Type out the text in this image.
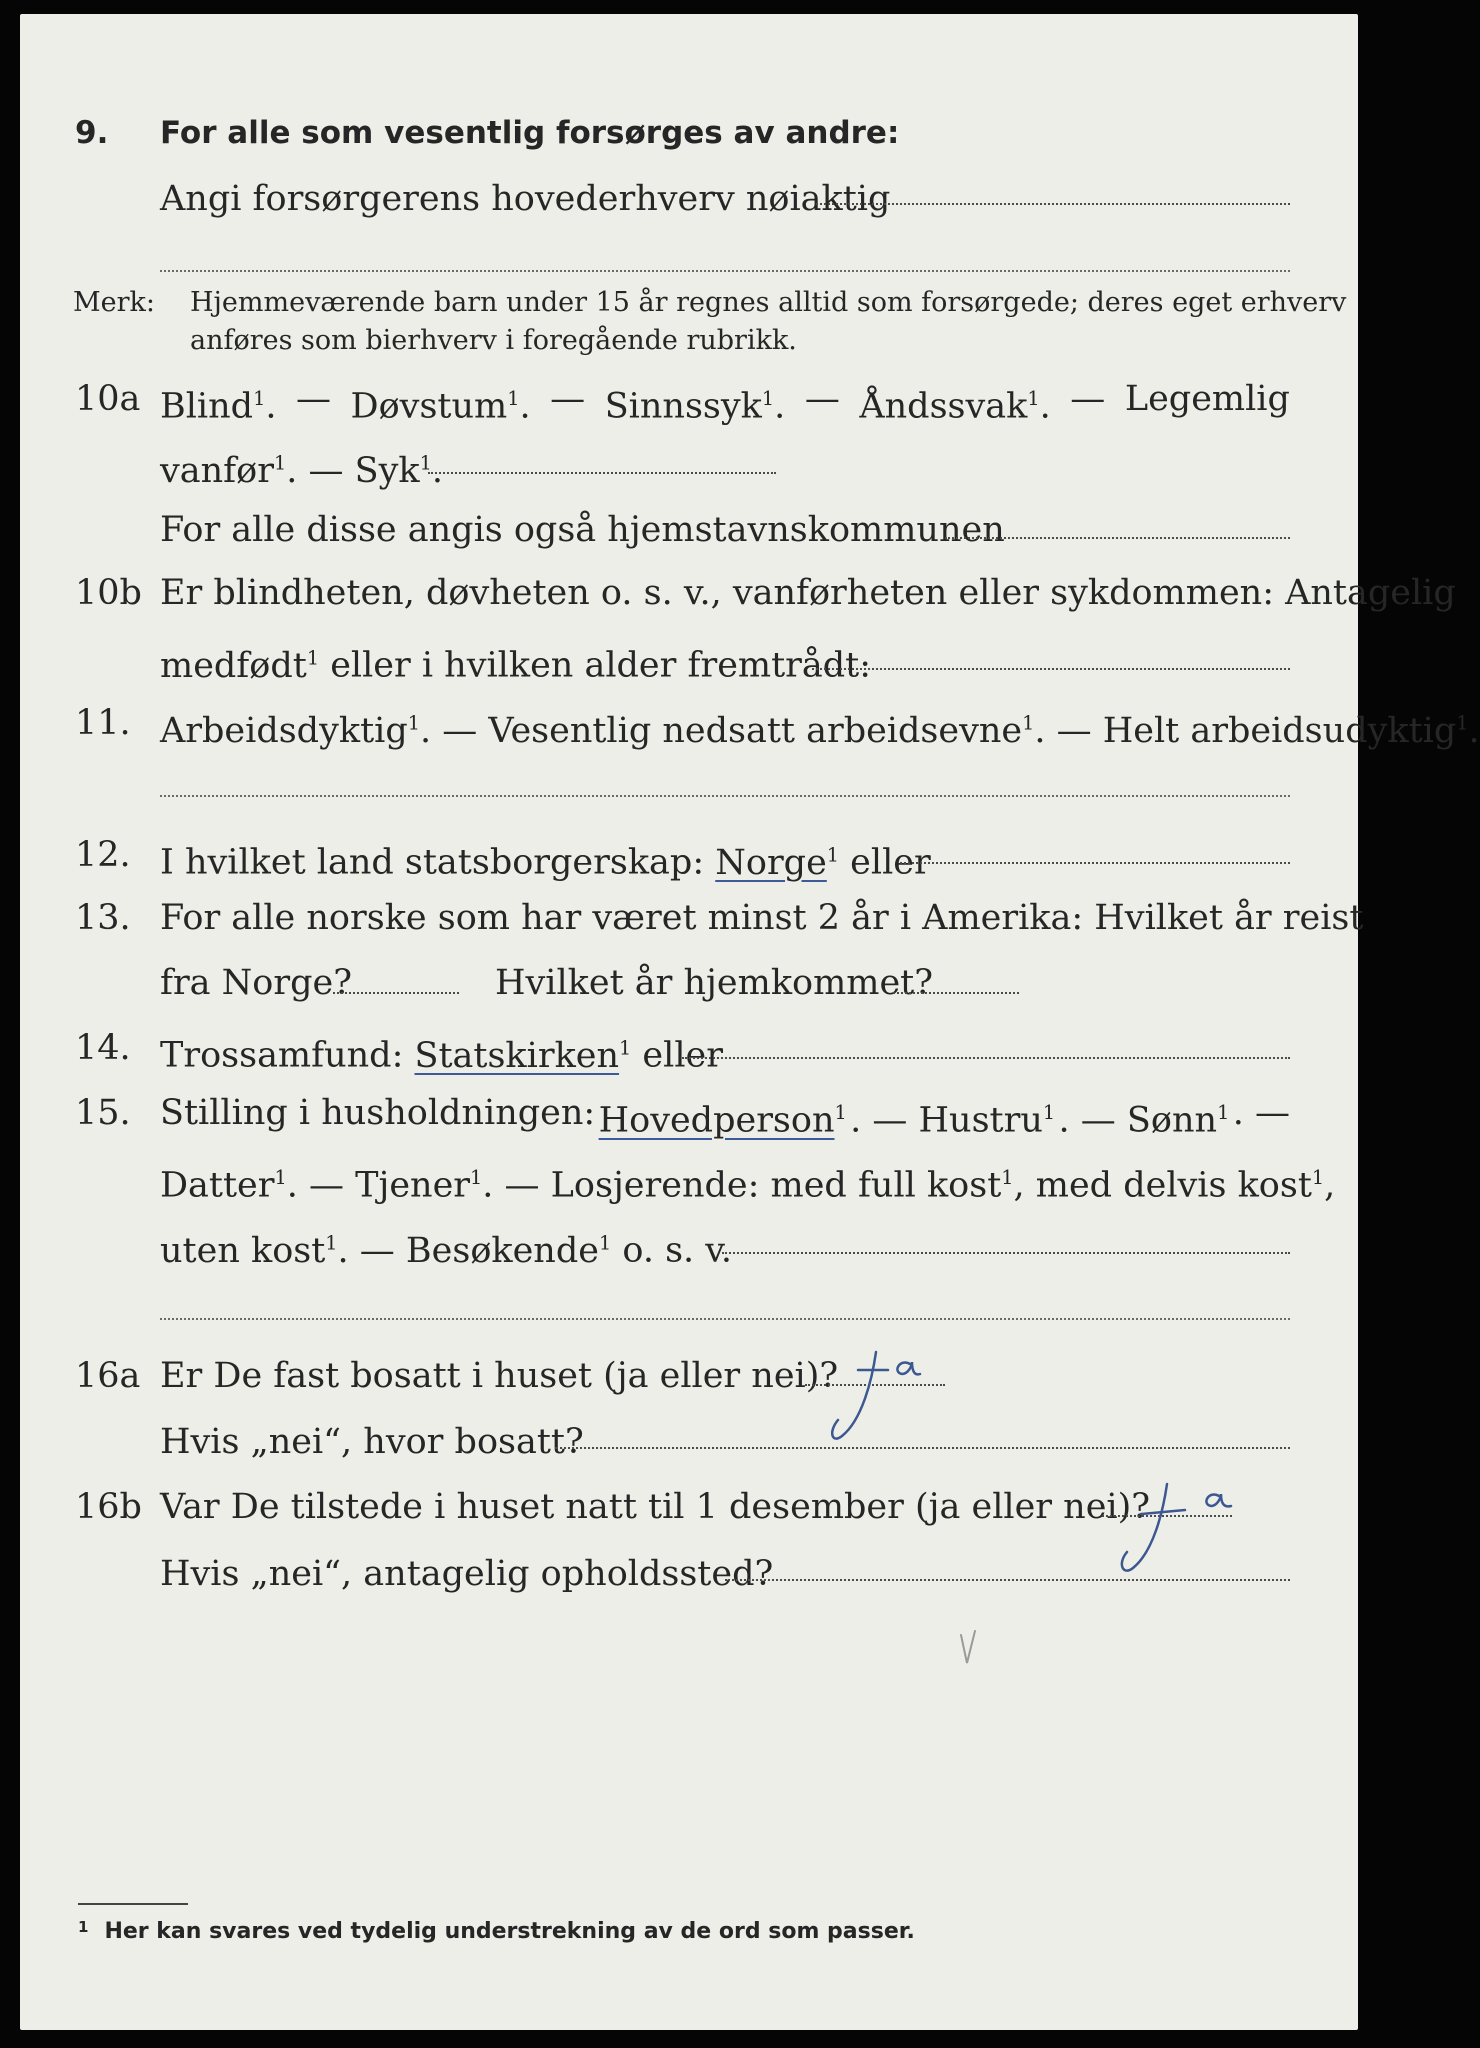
9. For alle som vesentlig forsørges av andre:
Angi forsørgerens hovederhverv nøiaktig
Merk: Hjemmeværende barn under 15 år regnes alltid som forsørgede; deres eget erhverv
anføres som bierhverv i foregående rubrikk.
10a Blind$^1$. — Døvstum$^1$. — Sinnssyk$^1$. — Åndssvak$^1$. — Legemlig
vanfør$^1$. — Syk$^1$.
For alle disse angis også hjemstavnskommunen
10b Er blindheten, døvheten o. s. v., vanførheten eller sykdommen: Antagelig
medfødt$^1$ eller i hvilken alder fremtrådt:
11. Arbeidsdyktig$^1$. — Vesentlig nedsatt arbeidsevne$^1$. — Helt arbeidsudyktig$^1$.
12. I hvilket land statsborgerskap: Norge$^1$ eller
13. For alle norske som har været minst 2 år i Amerika: Hvilket år reist
fra Norge?	Hvilket år hjemkommet?
14. Trossamfund: Statskirken$^1$ eller
15. Stilling i husholdningen: Hovedperson$^1$ . — Hustru$^1$ . — Sønn$^1$ . —
Datter$^1$ . — Tjener$^1$ . — Losjerende: med full kost$^1$ , med delvis kost$^1$,
uten kost$^1$. — Besøkende$^1$ o. s. v.
16a Er De fast bosatt i huset (ja eller nei)?
Hvis „nei“, hvor bosatt?
16b Var De tilstede i huset natt til 1 desember (ja eller nei)?
Hvis „nei“, antagelig opholdssted?
$^1$ Her kan svares ved tydelig understrekning av de ord som passer.
